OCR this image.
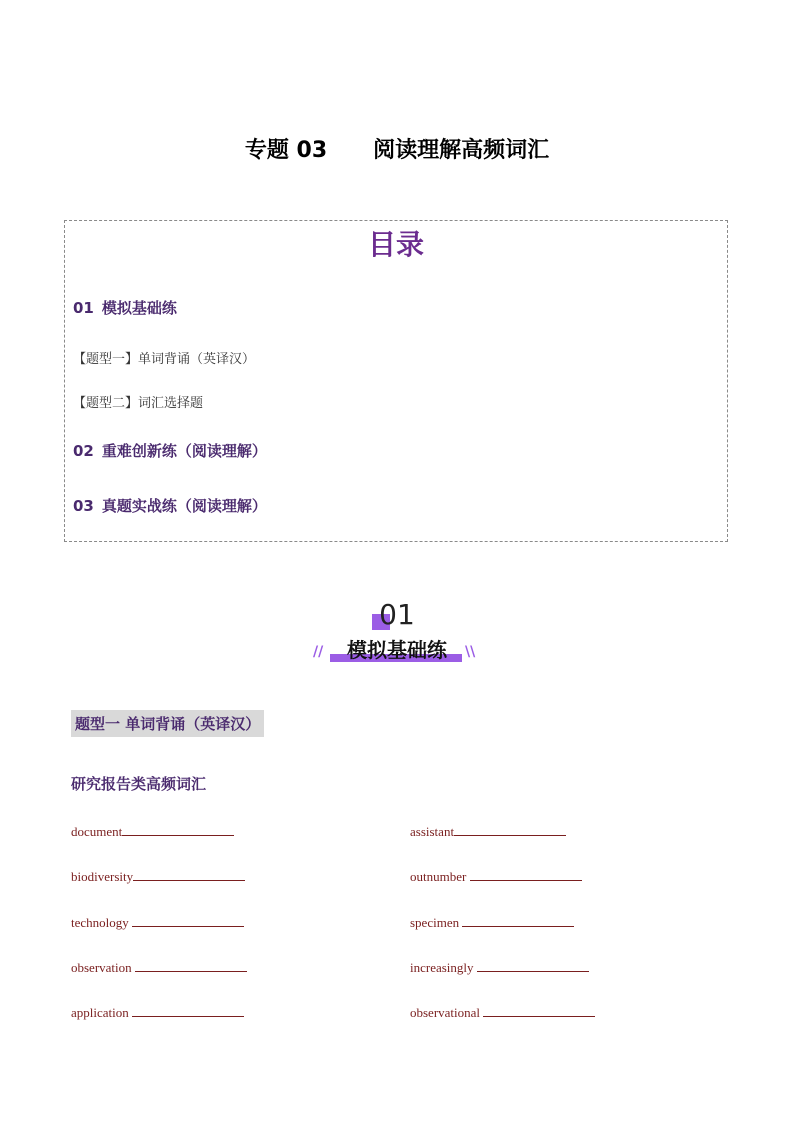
专题 03      阅读理解高频词汇
目录
01 模拟基础练
【题型一】单词背诵（英译汉）
【题型二】词汇选择题
02 重难创新练（阅读理解）
03 真题实战练（阅读理解）
01
模拟基础练
//	\\
题型一 单词背诵（英译汉）
研究报告类高频词汇
document	assistant
biodiversity	outnumber
technology	specimen
observation	increasingly
application	observational
